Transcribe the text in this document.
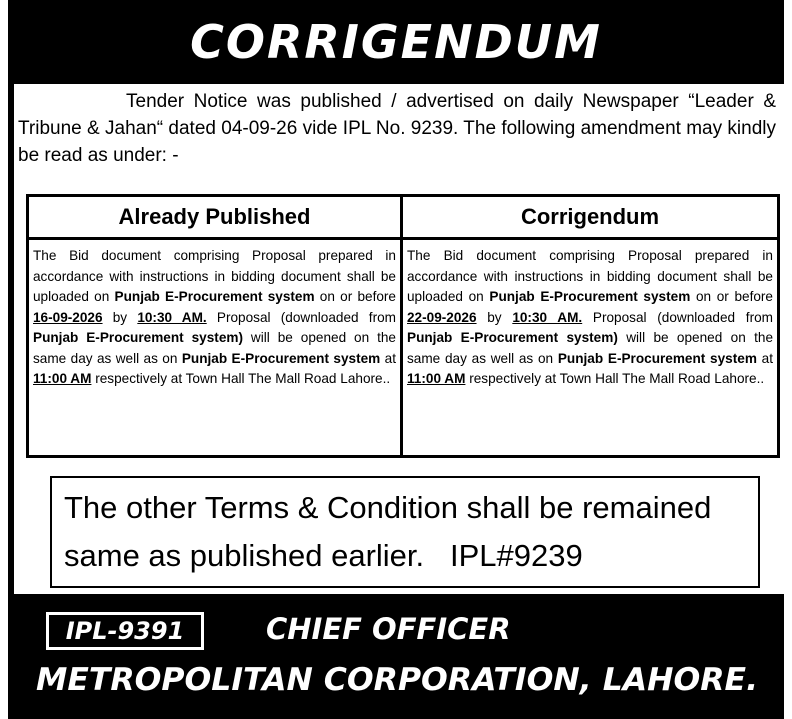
CORRIGENDUM

Tender Notice was published / advertised on daily Newspaper “Leader & Tribune & Jahan“ dated 04-09-26 vide IPL No. 9239. The following amendment may kindly be read as under: -

Already Published
The Bid document comprising Proposal prepared in accordance with instructions in bidding document shall be uploaded on Punjab E-Procurement system on or before 16-09-2026 by 10:30 AM. Proposal (downloaded from Punjab E-Procurement system) will be opened on the same day as well as on Punjab E-Procurement system at 11:00 AM respectively at Town Hall The Mall Road Lahore..
Corrigendum
The Bid document comprising Proposal prepared in accordance with instructions in bidding document shall be uploaded on Punjab E-Procurement system on or before 22-09-2026 by 10:30 AM. Proposal (downloaded from Punjab E-Procurement system) will be opened on the same day as well as on Punjab E-Procurement system at 11:00 AM respectively at Town Hall The Mall Road Lahore..
The other Terms & Condition shall be remained
same as published earlier.   IPL#9239
IPL-9391	CHIEF OFFICER
METROPOLITAN CORPORATION, LAHORE.
